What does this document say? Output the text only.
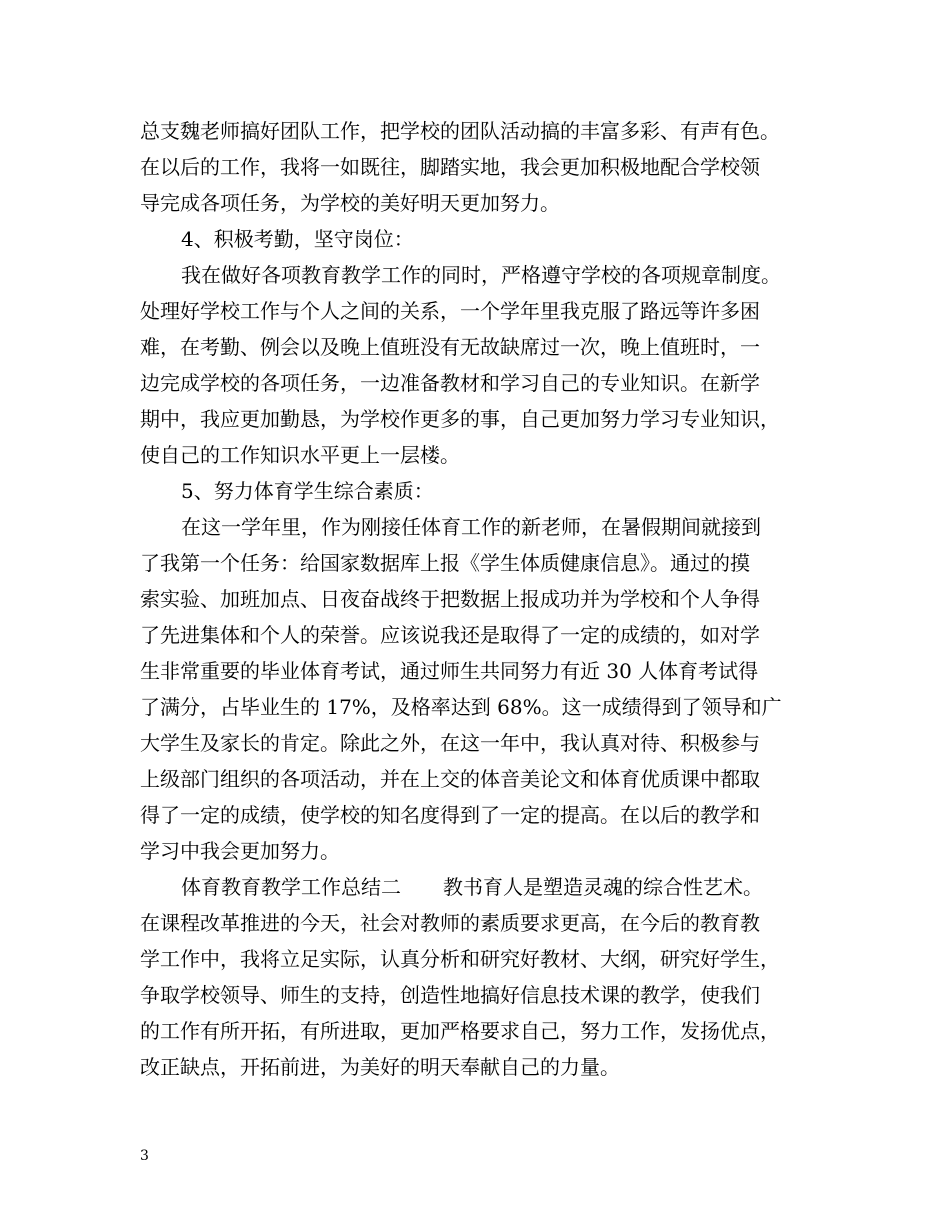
总支魏老师搞好团队工作，把学校的团队活动搞的丰富多彩、有声有色。
在以后的工作，我将一如既往，脚踏实地，我会更加积极地配合学校领
导完成各项任务，为学校的美好明天更加努力。
4、积极考勤，坚守岗位：
我在做好各项教育教学工作的同时，严格遵守学校的各项规章制度。
处理好学校工作与个人之间的关系，一个学年里我克服了路远等许多困
难，在考勤、例会以及晚上值班没有无故缺席过一次，晚上值班时，一
边完成学校的各项任务，一边准备教材和学习自己的专业知识。在新学
期中，我应更加勤恳，为学校作更多的事，自己更加努力学习专业知识，
使自己的工作知识水平更上一层楼。
5、努力体育学生综合素质：
在这一学年里，作为刚接任体育工作的新老师，在暑假期间就接到
了我第一个任务：给国家数据库上报《学生体质健康信息》。通过的摸
索实验、加班加点、日夜奋战终于把数据上报成功并为学校和个人争得
了先进集体和个人的荣誉。应该说我还是取得了一定的成绩的，如对学
生非常重要的毕业体育考试，通过师生共同努力有近 30 人体育考试得
了满分，占毕业生的 17%，及格率达到 68%。这一成绩得到了领导和广
大学生及家长的肯定。除此之外，在这一年中，我认真对待、积极参与
上级部门组织的各项活动，并在上交的体音美论文和体育优质课中都取
得了一定的成绩，使学校的知名度得到了一定的提高。在以后的教学和
学习中我会更加努力。
体育教育教学工作总结二 教书育人是塑造灵魂的综合性艺术。
在课程改革推进的今天，社会对教师的素质要求更高，在今后的教育教
学工作中，我将立足实际，认真分析和研究好教材、大纲，研究好学生，
争取学校领导、师生的支持，创造性地搞好信息技术课的教学，使我们
的工作有所开拓，有所进取，更加严格要求自己，努力工作，发扬优点，
改正缺点，开拓前进，为美好的明天奉献自己的力量。
3
